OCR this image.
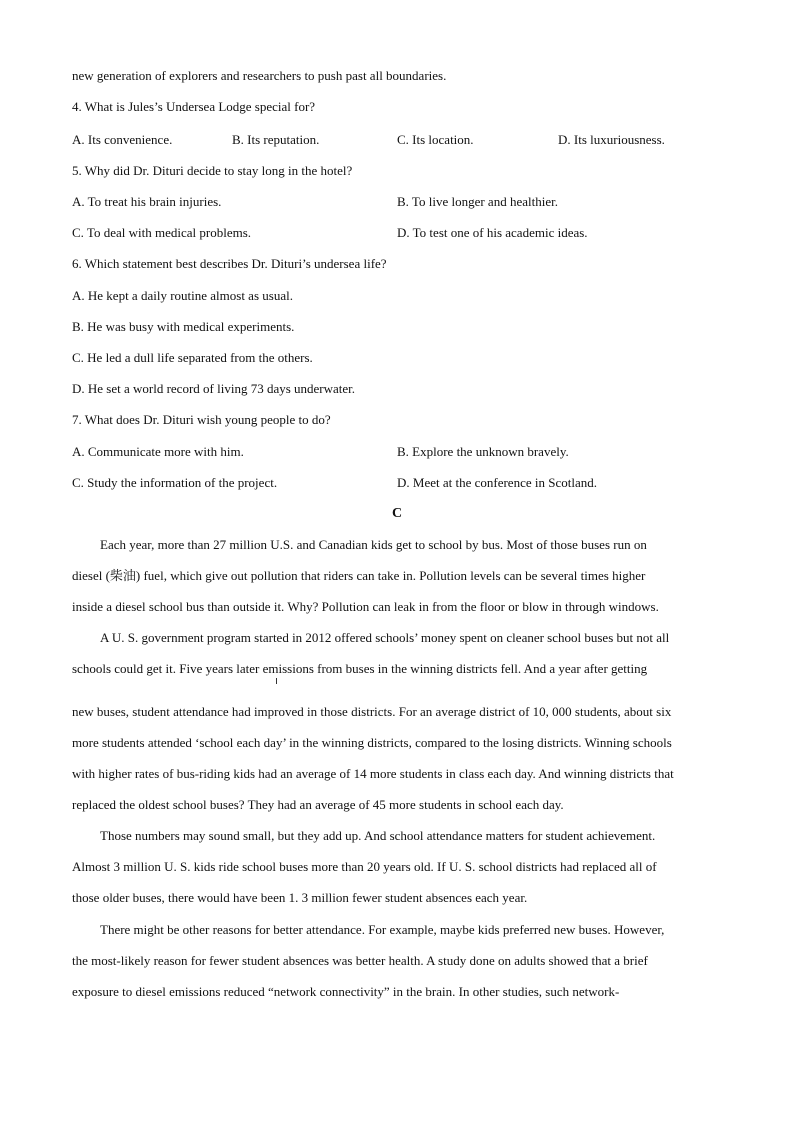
new generation of explorers and researchers to push past all boundaries.
4. What is Jules’s Undersea Lodge special for?
A. Its convenience.	B. Its reputation.	C. Its location.	D. Its luxuriousness.
5. Why did Dr. Dituri decide to stay long in the hotel?
A. To treat his brain injuries.	B. To live longer and healthier.
C. To deal with medical problems.	D. To test one of his academic ideas.
6. Which statement best describes Dr. Dituri’s undersea life?
A. He kept a daily routine almost as usual.
B. He was busy with medical experiments.
C. He led a dull life separated from the others.
D. He set a world record of living 73 days underwater.
7. What does Dr. Dituri wish young people to do?
A. Communicate more with him.	B. Explore the unknown bravely.
C. Study the information of the project.	D. Meet at the conference in Scotland.
C
Each year, more than 27 million U.S. and Canadian kids get to school by bus. Most of those buses run on
diesel (柴油) fuel, which give out pollution that riders can take in. Pollution levels can be several times higher
inside a diesel school bus than outside it. Why? Pollution can leak in from the floor or blow in through windows.
A U. S. government program started in 2012 offered schools’ money spent on cleaner school buses but not all
schools could get it. Five years later emissions from buses in the winning districts fell. And a year after getting
new buses, student attendance had improved in those districts. For an average district of 10, 000 students, about six
more students attended ‘school each day’ in the winning districts, compared to the losing districts. Winning schools
with higher rates of bus-riding kids had an average of 14 more students in class each day. And winning districts that
replaced the oldest school buses? They had an average of 45 more students in school each day.
Those numbers may sound small, but they add up. And school attendance matters for student achievement.
Almost 3 million U. S. kids ride school buses more than 20 years old. If U. S. school districts had replaced all of
those older buses, there would have been 1. 3 million fewer student absences each year.
There might be other reasons for better attendance. For example, maybe kids preferred new buses. However,
the most-likely reason for fewer student absences was better health. A study done on adults showed that a brief
exposure to diesel emissions reduced “network connectivity” in the brain. In other studies, such network-
